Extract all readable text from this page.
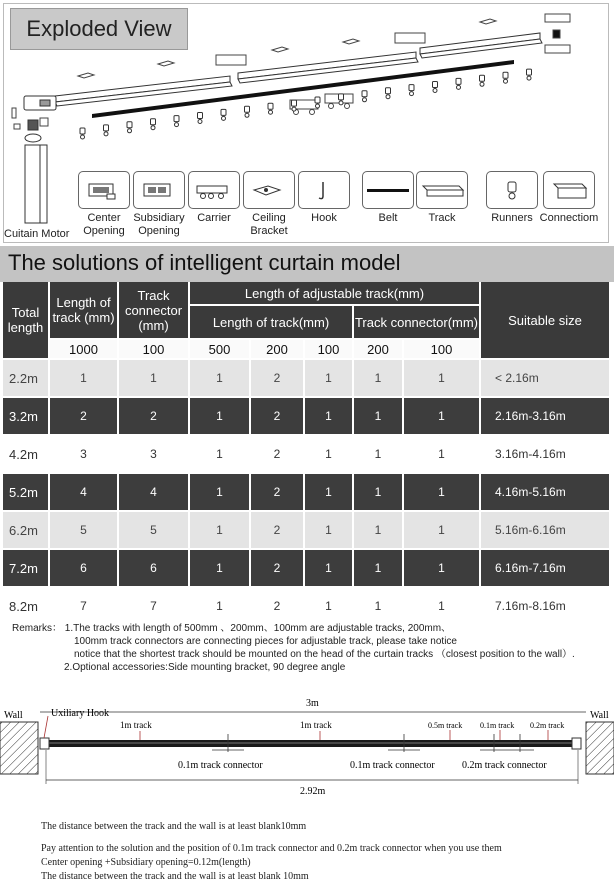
Exploded View
Cuitain Motor
Center
Opening
Subsidiary
Opening
Carrier	Ceiling
Bracket
Hook	Belt	Track	Runners Connectiom
The solutions of intelligent curtain model
Total length
Length of track (mm)
Track connector (mm)
Length of adjustable track(mm)
Length of track(mm)	Track connector(mm)	Suitable size
1000	100	500	200	100	200	100
2.2m	1	1	1	2	1	1	1	< 2.16m
3.2m	2	2	1	2	1	1	1	2.16m-3.16m
4.2m	3	3	1	2	1	1	1	3.16m-4.16m
5.2m	4	4	1	2	1	1	1	4.16m-5.16m
6.2m	5	5	1	2	1	1	1	5.16m-6.16m
7.2m	6	6	1	2	1	1	1	6.16m-7.16m
8.2m	7	7	1	2	1	1	1	7.16m-8.16m
Remarks： 1.The tracks with length of 500mm 、200mm、100mm are adjustable tracks, 200mm、
100mm track connectors are connecting pieces for adjustable track, please take notice
notice that the shortest track should be mounted on the head of the curtain tracks （closest position to the wall）.
2.Optional accessories:Side mounting bracket, 90 degree angle
Wall	Wall
3m
Uxiliary Hook
1m track	1m track	0.5m track 0.1m track 0.2m track
0.1m track connector	0.1m track connector	0.2m track connector
2.92m
The distance between the track and the wall is at least blank10mm
Pay attention to the solution and the position of 0.1m track connector and 0.2m track connector when you use them
Center opening +Subsidiary opening=0.12m(length)
The distance between the track and the wall is at least blank 10mm
